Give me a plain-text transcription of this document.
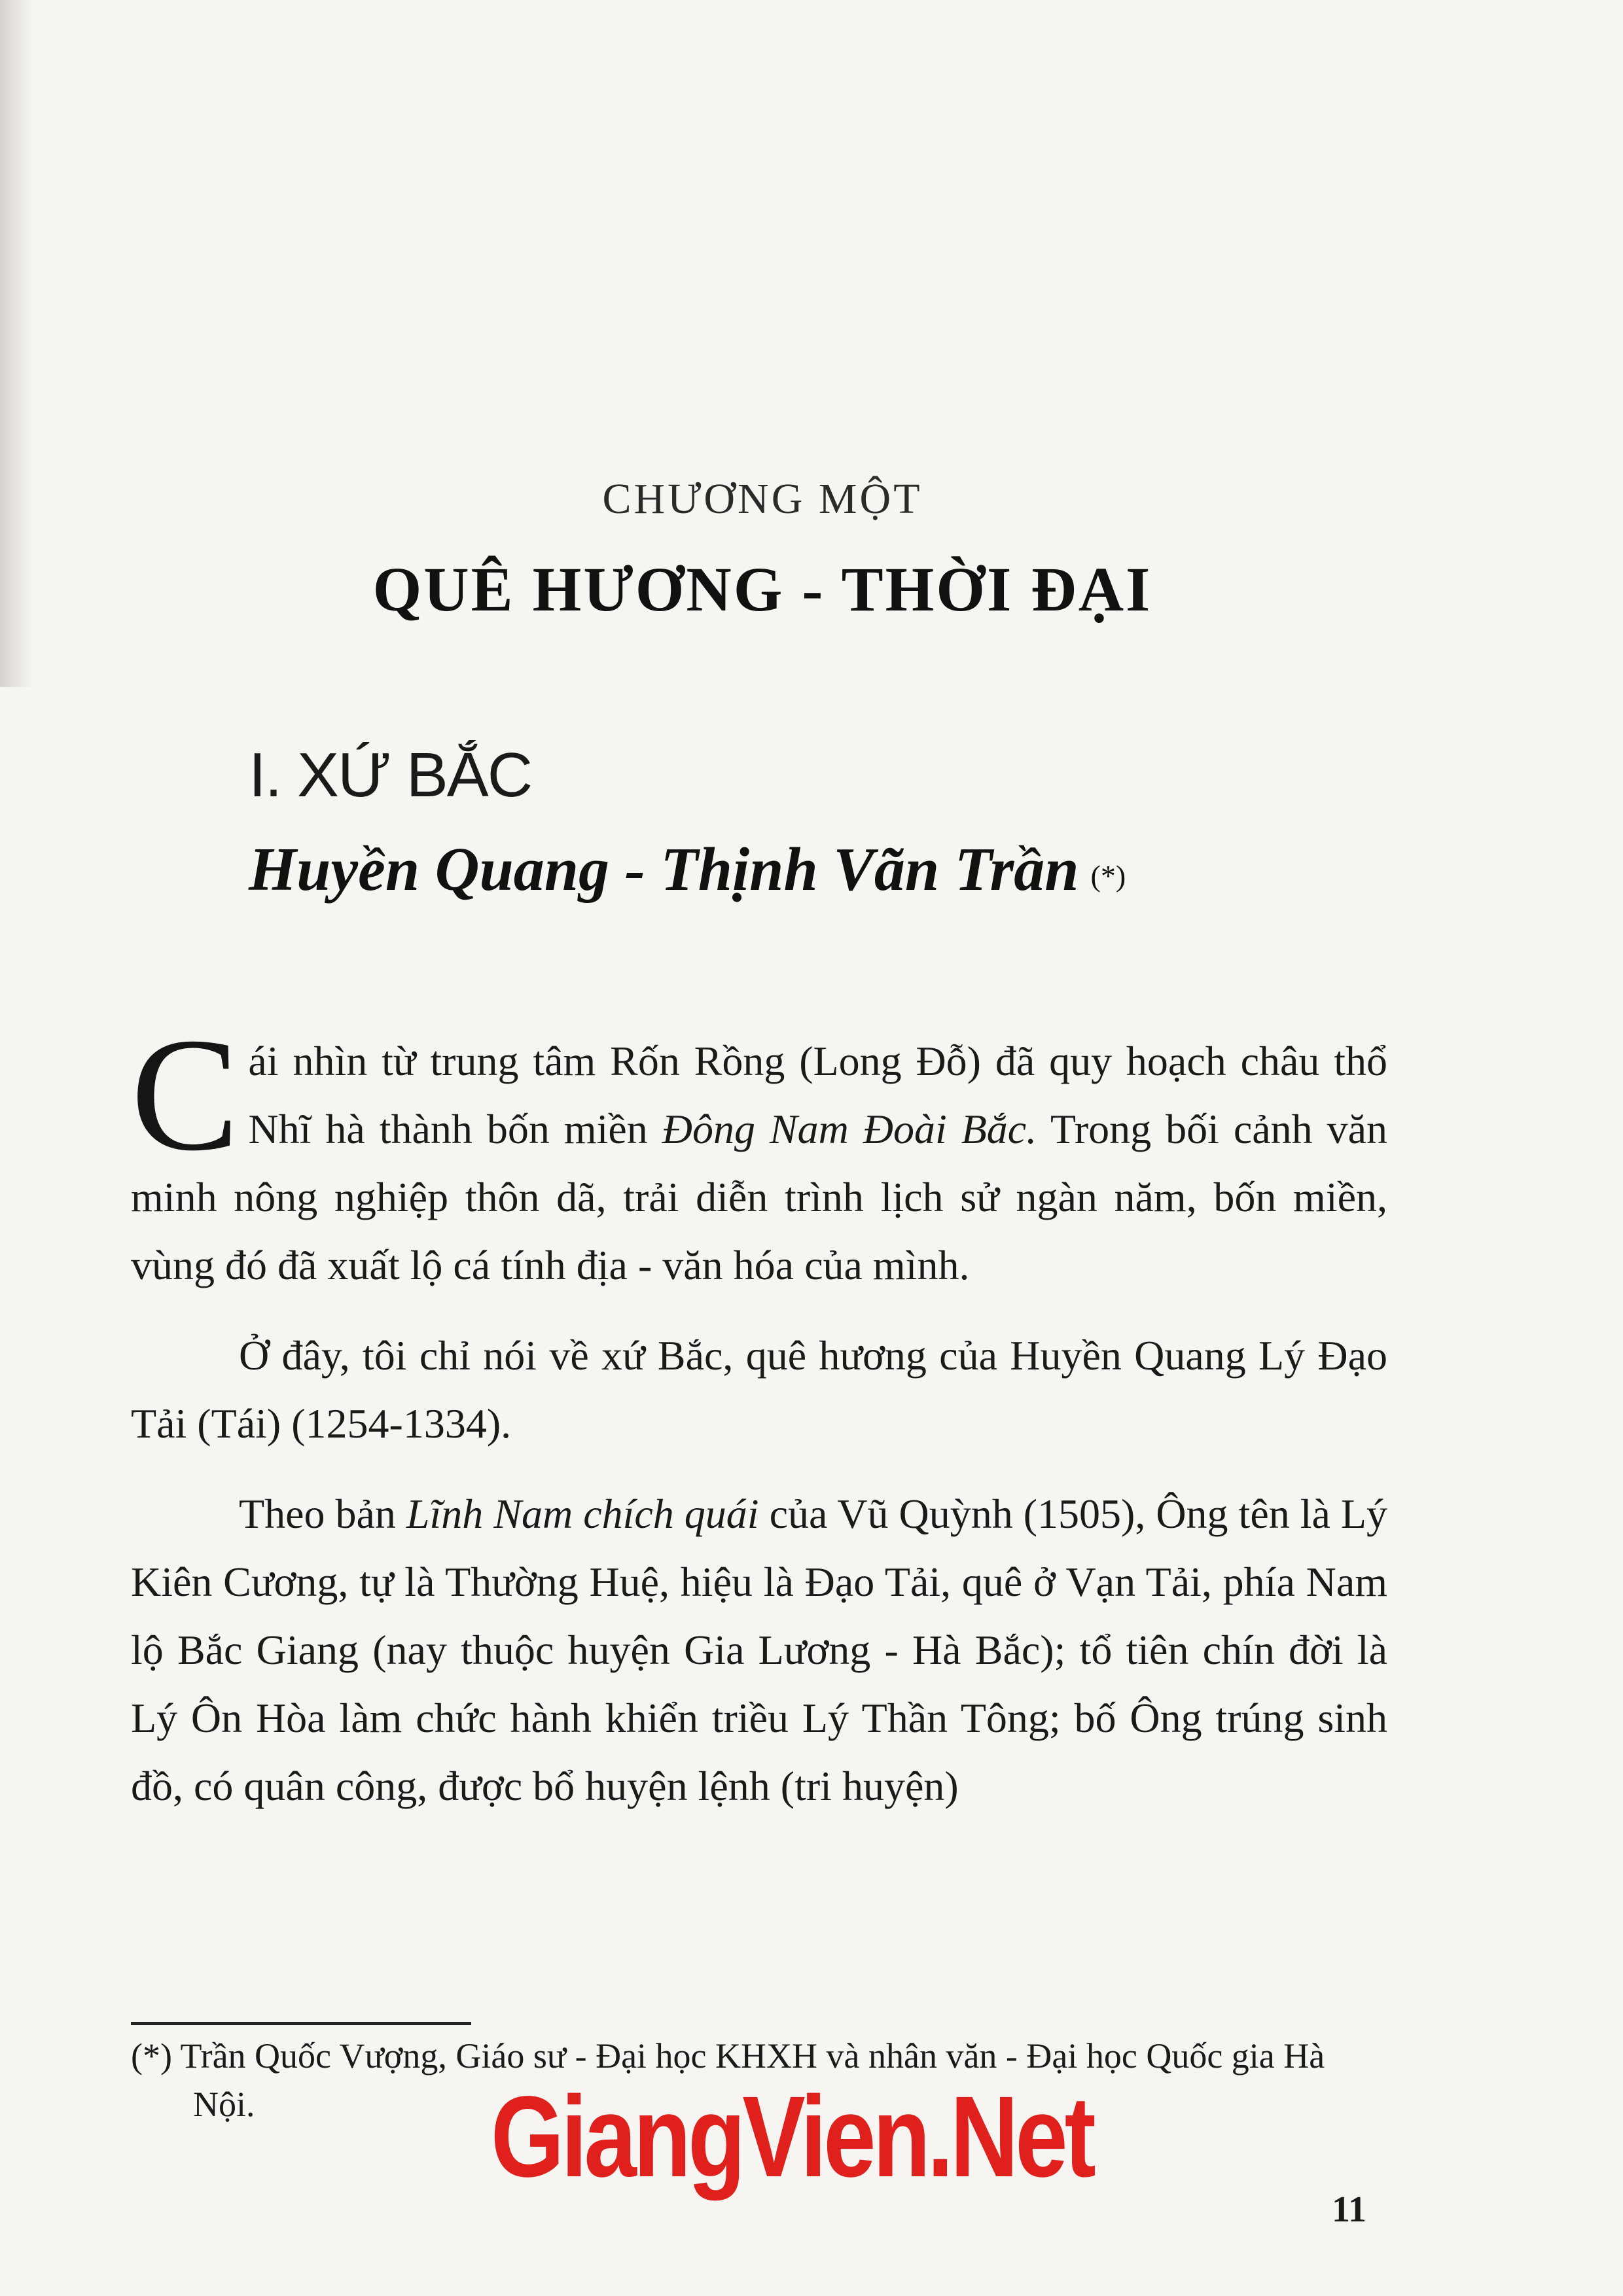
CHƯƠNG MỘT
QUÊ HƯƠNG - THỜI ĐẠI
I. XỨ BẮC
Huyền Quang - Thịnh Vãn Trần (*)

Cái nhìn từ trung tâm Rốn Rồng (Long Đỗ) đã quy hoạch châu thổ Nhĩ hà thành bốn miền Đông Nam Đoài Bắc. Trong bối cảnh văn minh nông nghiệp thôn dã, trải diễn trình lịch sử ngàn năm, bốn miền, vùng đó đã xuất lộ cá tính địa - văn hóa của mình.

Ở đây, tôi chỉ nói về xứ Bắc, quê hương của Huyền Quang Lý Đạo Tải (Tái) (1254-1334).

Theo bản Lĩnh Nam chích quái của Vũ Quỳnh (1505), Ông tên là Lý Kiên Cương, tự là Thường Huệ, hiệu là Đạo Tải, quê ở Vạn Tải, phía Nam lộ Bắc Giang (nay thuộc huyện Gia Lương - Hà Bắc); tổ tiên chín đời là Lý Ôn Hòa làm chức hành khiển triều Lý Thần Tông; bố Ông trúng sinh đồ, có quân công, được bổ huyện lệnh (tri huyện)

(*) Trần Quốc Vượng, Giáo sư - Đại học KHXH và nhân văn - Đại học Quốc gia Hà Nội.	GiangVien.Net
11
